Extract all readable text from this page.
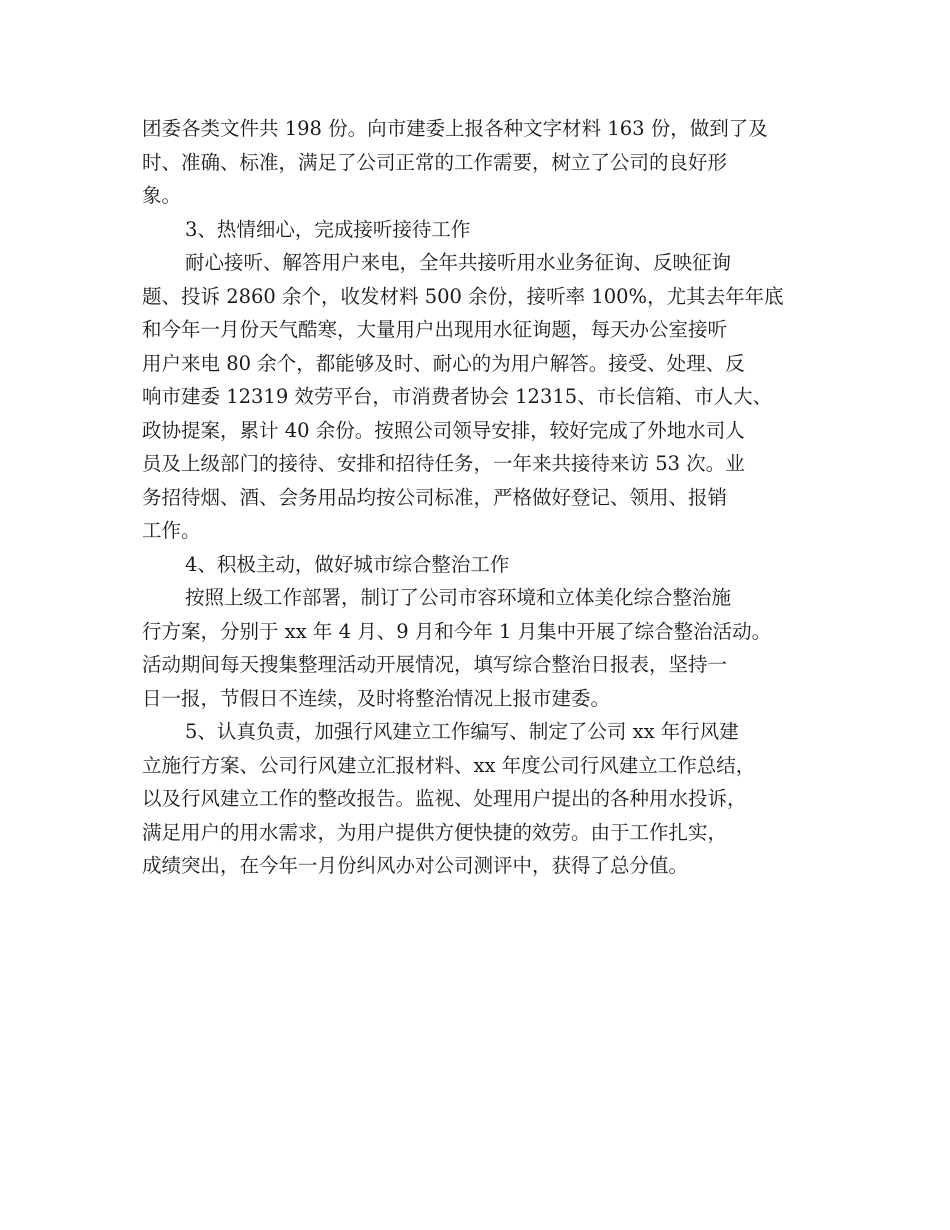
团委各类文件共 198 份。向市建委上报各种文字材料 163 份，做到了及
时、准确、标准，满足了公司正常的工作需要，树立了公司的良好形
象。
3、热情细心，完成接听接待工作
耐心接听、解答用户来电，全年共接听用水业务征询、反映征询
题、投诉 2860 余个，收发材料 500 余份，接听率 100%，尤其去年年底
和今年一月份天气酷寒，大量用户出现用水征询题，每天办公室接听
用户来电 80 余个，都能够及时、耐心的为用户解答。接受、处理、反
响市建委 12319 效劳平台，市消费者协会 12315、市长信箱、市人大、
政协提案，累计 40 余份。按照公司领导安排，较好完成了外地水司人
员及上级部门的接待、安排和招待任务，一年来共接待来访 53 次。业
务招待烟、酒、会务用品均按公司标准，严格做好登记、领用、报销
工作。
4、积极主动，做好城市综合整治工作
按照上级工作部署，制订了公司市容环境和立体美化综合整治施
行方案，分别于 xx 年 4 月、9 月和今年 1 月集中开展了综合整治活动。
活动期间每天搜集整理活动开展情况，填写综合整治日报表，坚持一
日一报，节假日不连续，及时将整治情况上报市建委。
5、认真负责，加强行风建立工作编写、制定了公司 xx 年行风建
立施行方案、公司行风建立汇报材料、xx 年度公司行风建立工作总结，
以及行风建立工作的整改报告。监视、处理用户提出的各种用水投诉，
满足用户的用水需求，为用户提供方便快捷的效劳。由于工作扎实，
成绩突出，在今年一月份纠风办对公司测评中，获得了总分值。
